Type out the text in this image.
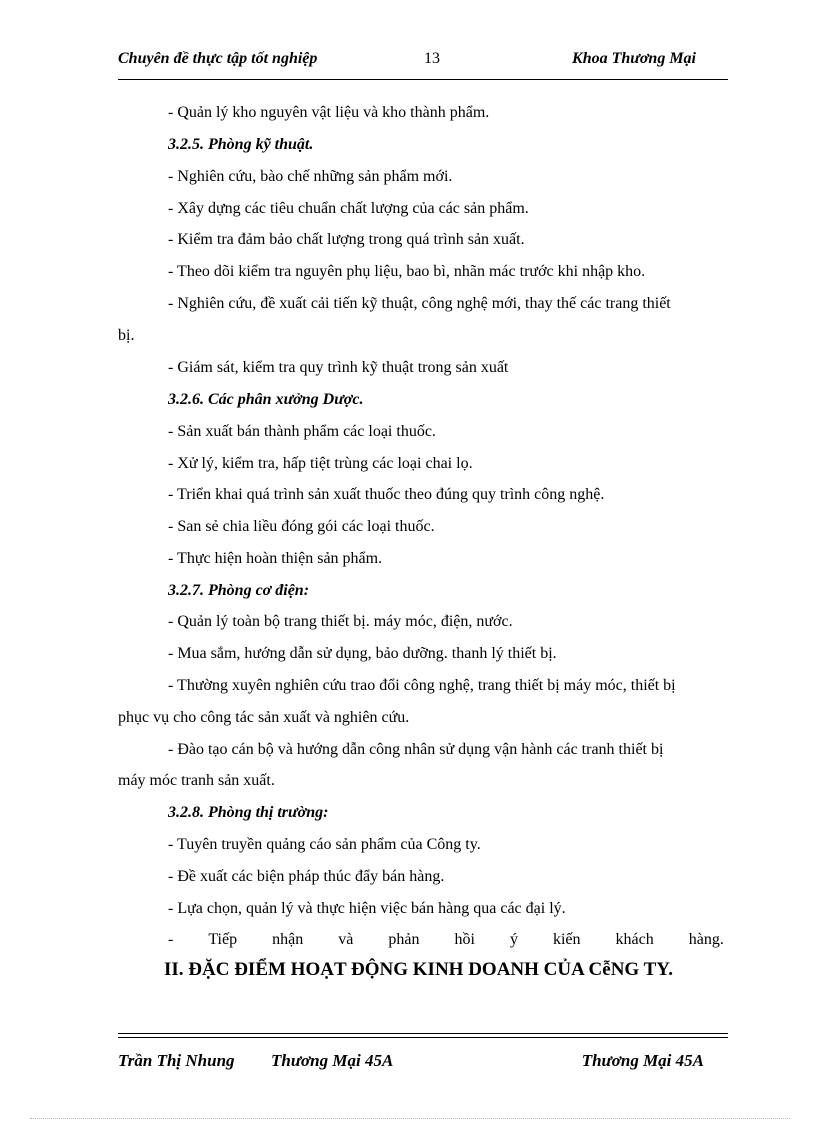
Chuyên đề thực tập tốt nghiệp	13	Khoa Thương Mại
- Quản lý kho nguyên vật liệu và kho thành phẩm.
3.2.5. Phòng kỹ thuật.
- Nghiên cứu, bào chế những sản phẩm mới.
- Xây dựng các tiêu chuẩn chất lượng của các sản phẩm.
- Kiểm tra đảm bảo chất lượng trong quá trình sản xuất.
- Theo dõi kiểm tra nguyên phụ liệu, bao bì, nhãn mác trước khi nhập kho.
- Nghiên cứu, đề xuất cải tiến kỹ thuật, công nghệ mới, thay thế các trang thiết
bị.
- Giám sát, kiểm tra quy trình kỹ thuật trong sản xuất
3.2.6. Các phân xưởng Dược.
- Sản xuất bán thành phẩm các loại thuốc.
- Xử lý, kiểm tra, hấp tiệt trùng các loại chai lọ.
- Triển khai quá trình sản xuất thuốc theo đúng quy trình công nghệ.
- San sẻ chia liều đóng gói các loại thuốc.
- Thực hiện hoàn thiện sản phẩm.
3.2.7. Phòng cơ điện:
- Quản lý toàn bộ trang thiết bị. máy móc, điện, nước.
- Mua sắm, hướng dẫn sử dụng, bảo dưỡng. thanh lý thiết bị.
- Thường xuyên nghiên cứu trao đổi công nghệ, trang thiết bị máy móc, thiết bị
phục vụ cho công tác sản xuất và nghiên cứu.
- Đào tạo cán bộ và hướng dẫn công nhân sử dụng vận hành các tranh thiết bị
máy móc tranh sản xuất.
3.2.8. Phòng thị trường:
- Tuyên truyền quảng cáo sản phẩm của Công ty.
- Đề xuất các biện pháp thúc đẩy bán hàng.
- Lựa chọn, quản lý và thực hiện việc bán hàng qua các đại lý.
- Tiếp nhận và phản hồi ý kiến khách hàng.
II. ĐẶC ĐIỂM HOẠT ĐỘNG KINH DOANH CỦA CễNG TY.
Trần Thị Nhung Thương Mại 45A	Thương Mại 45A
